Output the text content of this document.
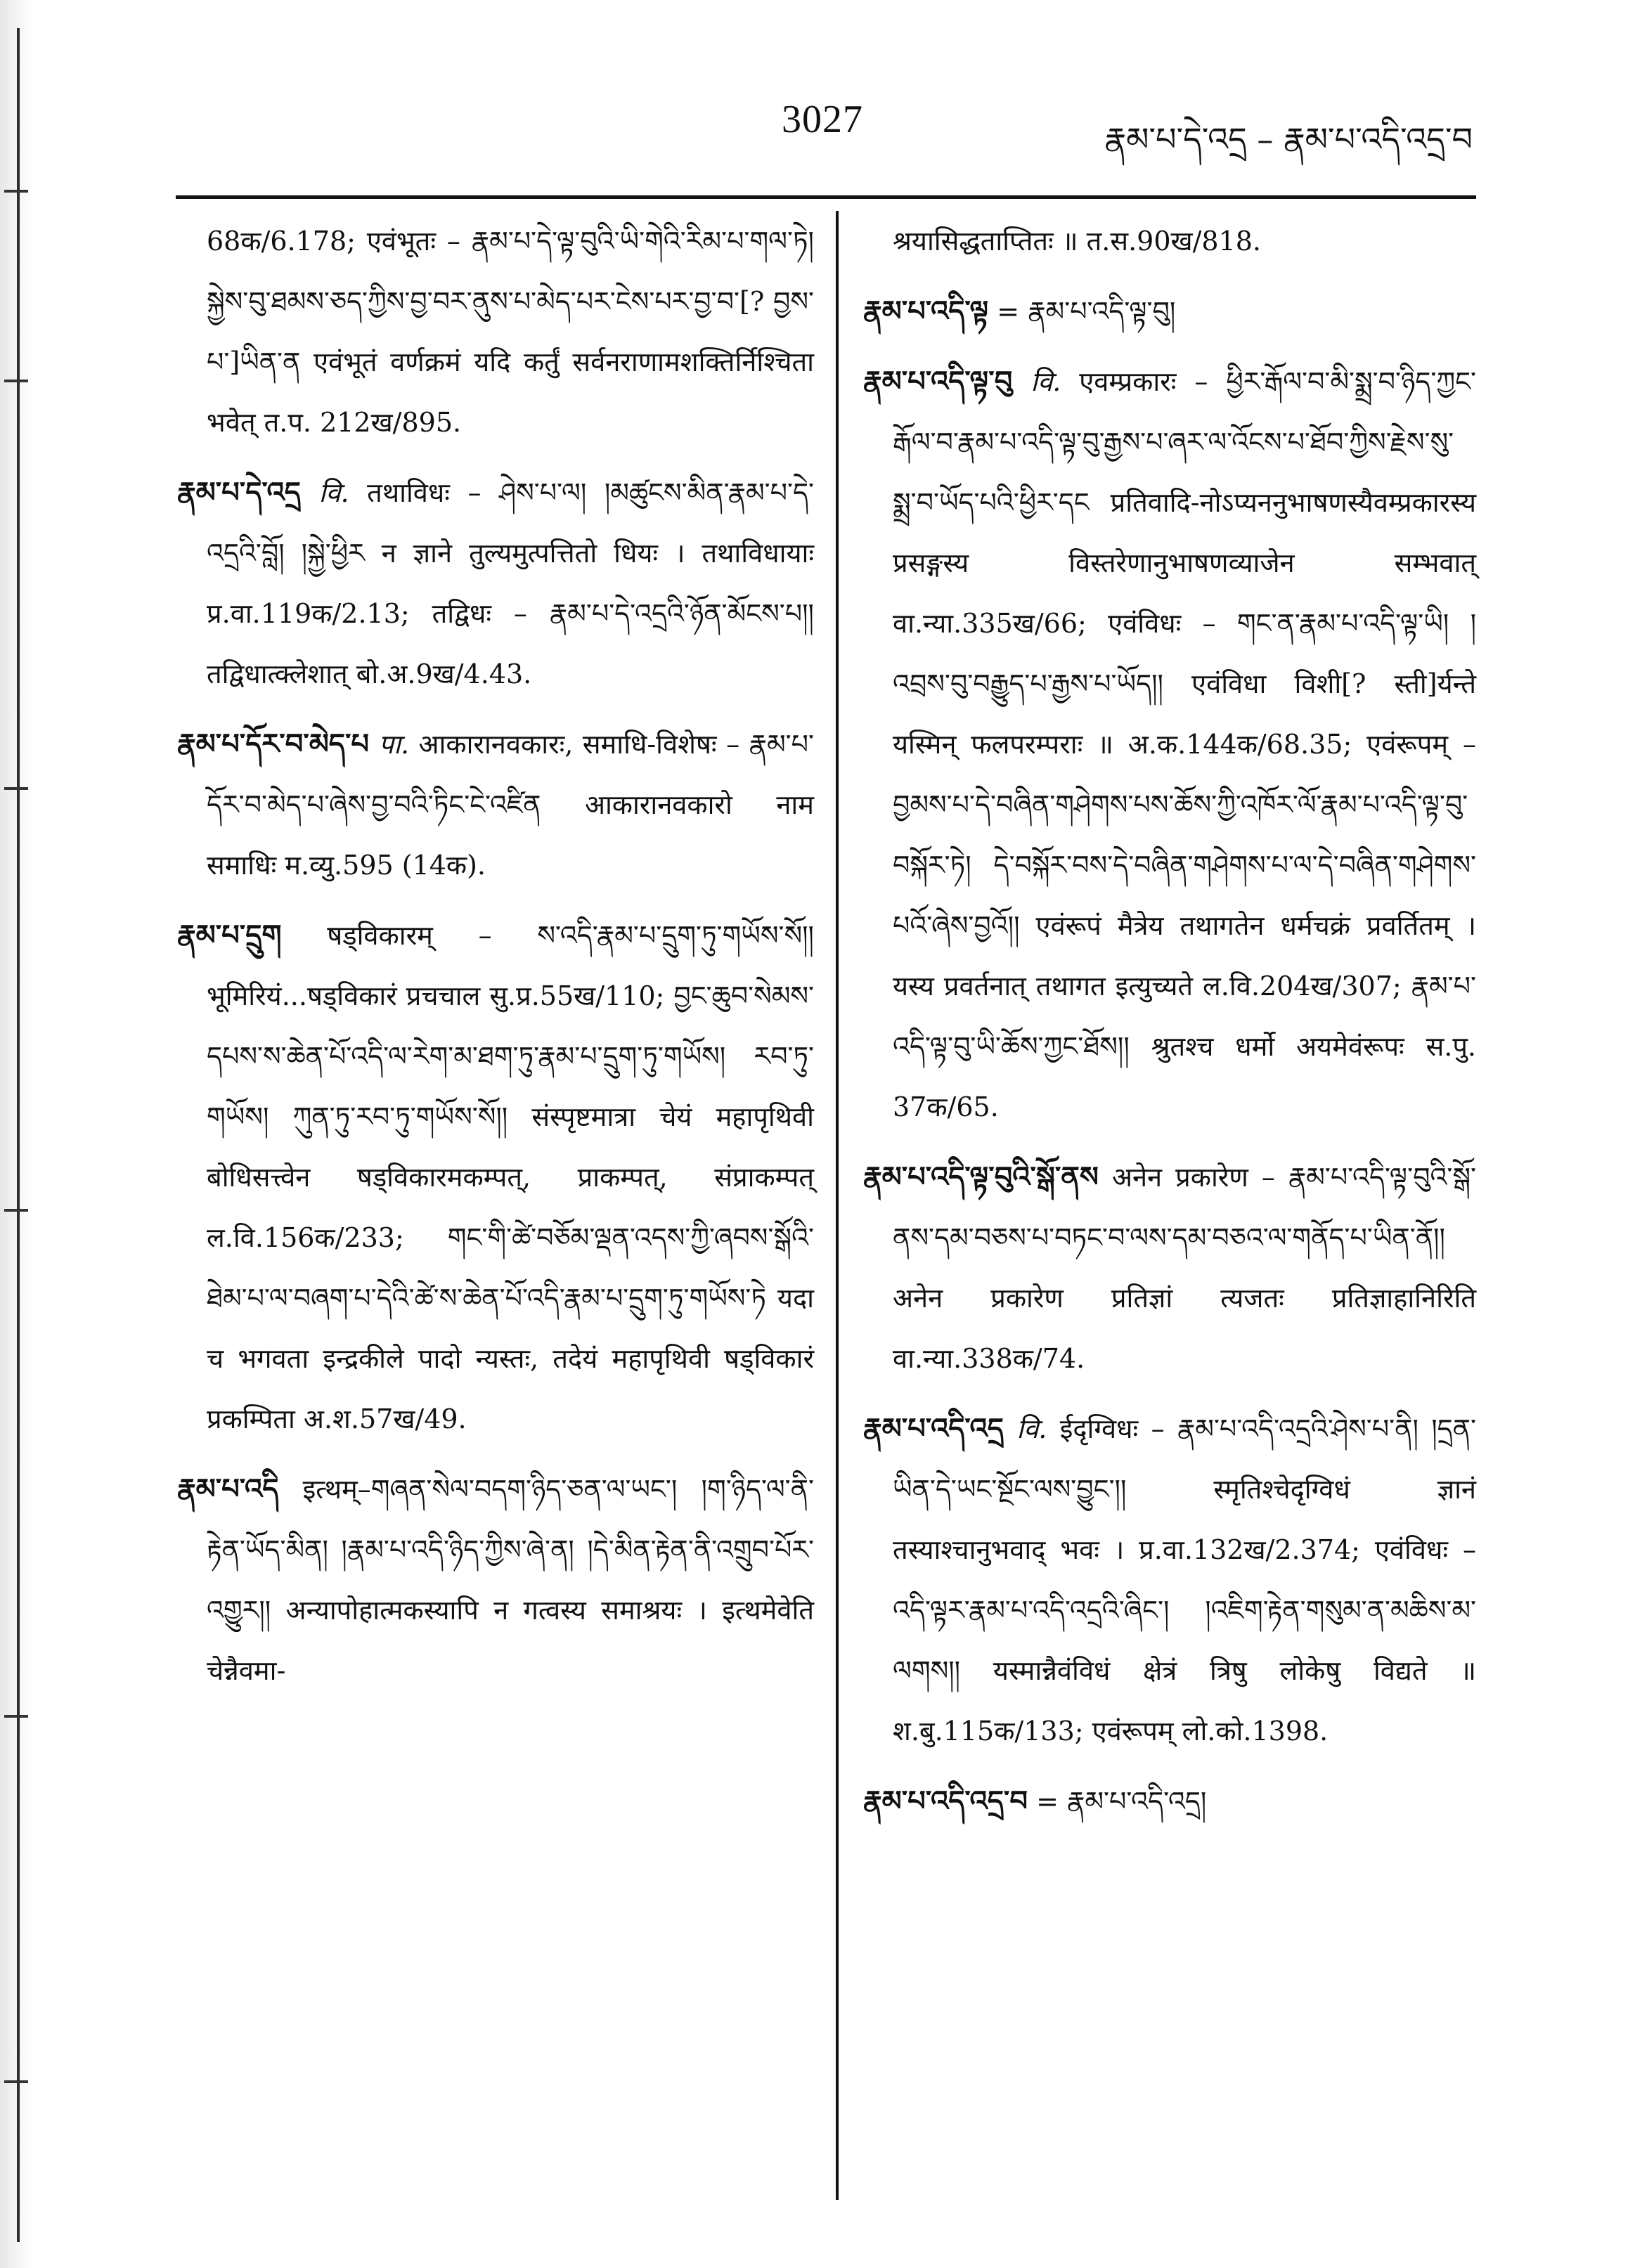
3027	རྣམ་པ་དེ་འདྲ – རྣམ་པ་འདི་འདྲ་བ

68क/6.178; एवंभूतः – རྣམ་པ་དེ་ལྟ་བུའི་ཡི་གེའི་རིམ་པ་གལ་ཏེ། སྐྱེས་བུ་ཐམས་ཅད་ཀྱིས་བྱ་བར་ནུས་པ་མེད་པར་ངེས་པར་བྱ་བ་[? བྱས་པ་]ཡིན་ན एवंभूतं वर्णक्रमं यदि कर्तुं सर्वनराणामशक्तिर्निश्चिता भवेत् त.प. 212ख/895.

རྣམ་པ་དེ་འདྲ वि. तथाविधः – ཤེས་པ་ལ། །མཚུངས་མིན་རྣམ་པ་དེ་འདྲའི་བློ། །སྐྱེ་ཕྱིར न ज्ञाने तुल्यमुत्पत्तितो धियः । तथाविधायाः प्र.वा.119क/2.13; तद्विधः – རྣམ་པ་དེ་འདྲའི་ཉོན་མོངས་པ།། तद्विधात्क्लेशात् बो.अ.9ख/4.43.

རྣམ་པ་དོར་བ་མེད་པ पा. आकारानवकारः, समाधि-विशेषः – རྣམ་པ་དོར་བ་མེད་པ་ཞེས་བྱ་བའི་ཏིང་ངེ་འཛིན आकारानवकारो नाम समाधिः म.व्यु.595 (14क).

རྣམ་པ་དྲུག षड्विकारम् – ས་འདི་རྣམ་པ་དྲུག་ཏུ་གཡོས་སོ།། भूमिरियं...षड्विकारं प्रचचाल सु.प्र.55ख/110; བྱང་ཆུབ་སེམས་དཔས་ས་ཆེན་པོ་འདི་ལ་རེག་མ་ཐག་ཏུ་རྣམ་པ་དྲུག་ཏུ་གཡོས། རབ་ཏུ་གཡོས། ཀུན་ཏུ་རབ་ཏུ་གཡོས་སོ།། संस्पृष्टमात्रा चेयं महापृथिवी बोधिसत्त्वेन षड्विकारमकम्पत्, प्राकम्पत्, संप्राकम्पत् ल.वि.156क/233; གང་གི་ཚེ་བཅོམ་ལྡན་འདས་ཀྱི་ཞབས་སྒོའི་ཐེམ་པ་ལ་བཞག་པ་དེའི་ཚེ་ས་ཆེན་པོ་འདི་རྣམ་པ་དྲུག་ཏུ་གཡོས་ཏེ यदा च भगवता इन्द्रकीले पादो न्यस्तः, तदेयं महापृथिवी षड्विकारं प्रकम्पिता अ.श.57ख/49.

རྣམ་པ་འདི इत्थम्–གཞན་སེལ་བདག་ཉིད་ཅན་ལ་ཡང་། །ག་ཉིད་ལ་ནི་རྟེན་ཡོད་མིན། །རྣམ་པ་འདི་ཉིད་ཀྱིས་ཞེ་ན། །དེ་མིན་རྟེན་ནི་འགྲུབ་པོར་འགྱུར།། अन्यापोहात्मकस्यापि न गत्वस्य समाश्रयः । इत्थमेवेति चेन्नैवमा-

श्रयासिद्धताप्तितः ॥ त.स.90ख/818.

རྣམ་པ་འདི་ལྟ = རྣམ་པ་འདི་ལྟ་བུ།

རྣམ་པ་འདི་ལྟ་བུ वि. एवम्प्रकारः – ཕྱིར་རྒོལ་བ་མི་སྨྲ་བ་ཉིད་ཀྱང་རྒོལ་བ་རྣམ་པ་འདི་ལྟ་བུ་རྒྱས་པ་ཞར་ལ་འོངས་པ་ཐོབ་ཀྱིས་རྗེས་སུ་སྨྲ་བ་ཡོད་པའི་ཕྱིར་དང प्रतिवादि-नोऽप्यननुभाषणस्यैवम्प्रकारस्य प्रसङ्गस्य विस्तरेणानुभाषणव्याजेन सम्भवात् वा.न्या.335ख/66; एवंविधः – གང་ན་རྣམ་པ་འདི་ལྟ་ཡི། །འབྲས་བུ་བརྒྱུད་པ་རྒྱས་པ་ཡོད།། एवंविधा विशी[? स्ती]र्यन्ते यस्मिन् फलपरम्पराः ॥ अ.क.144क/68.35; एवंरूपम् – བྱམས་པ་དེ་བཞིན་གཤེགས་པས་ཆོས་ཀྱི་འཁོར་ལོ་རྣམ་པ་འདི་ལྟ་བུ་བསྐོར་ཏེ། དེ་བསྐོར་བས་དེ་བཞིན་གཤེགས་པ་ལ་དེ་བཞིན་གཤེགས་པའོ་ཞེས་བྱའོ།། एवंरूपं मैत्रेय तथागतेन धर्मचक्रं प्रवर्तितम् । यस्य प्रवर्तनात् तथागत इत्युच्यते ल.वि.204ख/307; རྣམ་པ་འདི་ལྟ་བུ་ཡི་ཆོས་ཀྱང་ཐོས།། श्रुतश्च धर्मो अयमेवंरूपः स.पु. 37क/65.

རྣམ་པ་འདི་ལྟ་བུའི་སྒོ་ནས अनेन प्रकारेण – རྣམ་པ་འདི་ལྟ་བུའི་སྒོ་ནས་དམ་བཅས་པ་བཏང་བ་ལས་དམ་བཅའ་ལ་གནོད་པ་ཡིན་ནོ།། अनेन प्रकारेण प्रतिज्ञां त्यजतः प्रतिज्ञाहानिरिति वा.न्या.338क/74.

རྣམ་པ་འདི་འདྲ वि. ईदृग्विधः – རྣམ་པ་འདི་འདྲའི་ཤེས་པ་ནི། །དྲན་ཡིན་དེ་ཡང་སྔོང་ལས་བྱུང་།། स्मृतिश्चेदृग्विधं ज्ञानं तस्याश्चानुभवाद् भवः । प्र.वा.132ख/2.374; एवंविधः – འདི་ལྟར་རྣམ་པ་འདི་འདྲའི་ཞིང་། །འཇིག་རྟེན་གསུམ་ན་མཆིས་མ་ལགས།། यस्मान्नैवंविधं क्षेत्रं त्रिषु लोकेषु विद्यते ॥ श.बु.115क/133; एवंरूपम् लो.को.1398.

རྣམ་པ་འདི་འདྲ་བ = རྣམ་པ་འདི་འདྲ།
